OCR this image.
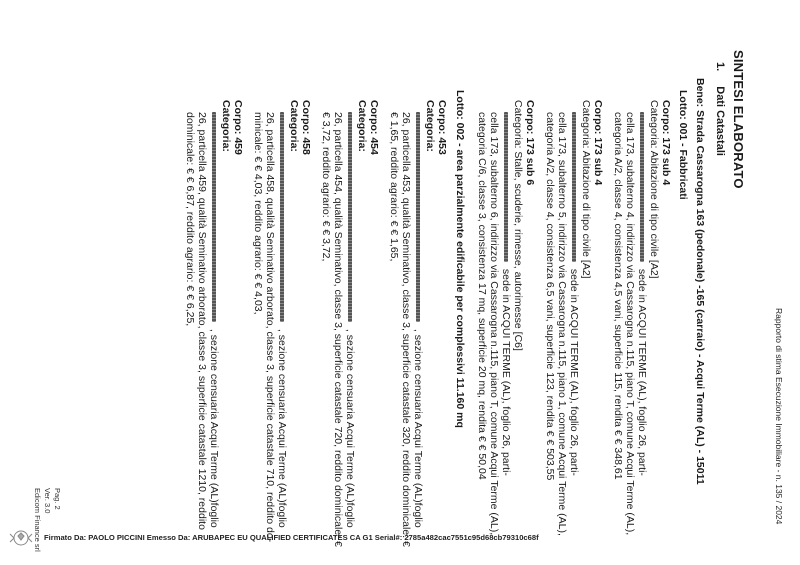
Rapporto di stima Esecuzione Immobiliare - n. 135 / 2024
SINTESI ELABORATO
1. Dati Catastali
Bene: Strada Cassarogna 163 (pedonale) -165 (carraio) - Acqui Terme (AL) - 15011
Lotto: 001 - Fabbricati
Corpo: 173 sub 4
Categoria: Abitazione di tipo civile [A2]
sede in ACQUI TERME (AL), foglio 26, parti-
cella 173, subalterno 4, indirizzo via Cassarogna n.115, piano T, comune Acqui Terme (AL),
categoria A/2, classe 4, consistenza 4,5 vani, superficie 115, rendita € € 348,61
Corpo: 173 sub 4
Categoria: Abitazione di tipo civile [A2]
sede in ACQUI TERME (AL), foglio 26, parti-
cella 173, subalterno 5, indirizzo via Cassarogna n.115, piano 1, comune Acqui Terme (AL),
categoria A/2, classe 4, consistenza 6,5 vani, superficie 123, rendita € € 503,55
Corpo: 173 sub 6
Categoria: Stalle, scuderie, rimesse, autorimesse [C6]
sede in ACQUI TERME (AL), foglio 26, parti-
cella 173, subalterno 6, indirizzo via Cassarogna n.115, piano T, comune Acqui Terme (AL),
categoria C/6, classe 3, consistenza 17 mq, superficie 20 mq, rendita € € 50,04
Lotto: 002 - area parzialmente edificabile per complessivi 11.160 mq
Corpo: 453
Categoria:
, sezione censuaria Acqui Terme (AL)foglio
26, particella 453, qualità Seminativo, classe 3, superficie catastale 320, reddito dominicale: €
€ 1,65, reddito agrario: € € 1,65,
Corpo: 454
Categoria:
, sezione censuaria Acqui Terme (AL)foglio
26, particella 454, qualità Seminativo, classe 3, superficie catastale 720, reddito dominicale: €
€ 3,72, reddito agrario: € € 3,72,
Corpo: 458
Categoria:
, sezione censuaria Acqui Terme (AL)foglio
26, particella 458, qualità Seminativo arborato, classe 3, superficie catastale 710, reddito do-
minicale: € € 4,03, reddito agrario: € € 4,03,
Corpo: 459
Categoria:
, sezione censuaria Acqui Terme (AL)foglio
26, particella 459, qualità Seminativo arborato, classe 3, superficie catastale 1210, reddito
dominicale: € € 6,87, reddito agrario: € € 6,25,
Pag. 2
Ver. 3.0
Edicom Finance srl Firmato Da: PAOLO PICCINI Emesso Da: ARUBAPEC EU QUALIFIED CERTIFICATES CA G1 Serial#: 2785a482cac7551c95d68cb79310c68f
